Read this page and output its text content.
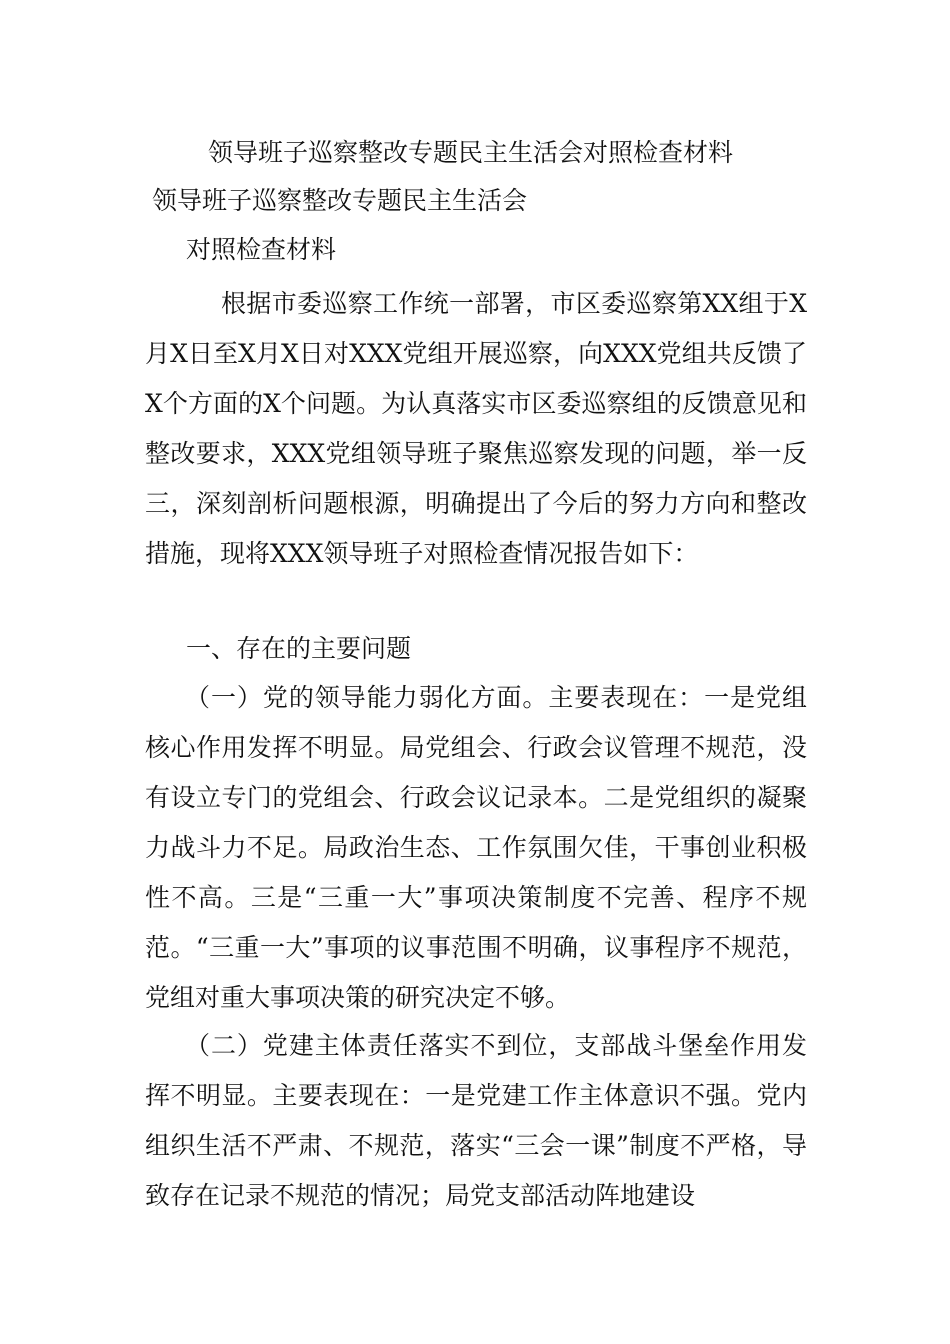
领导班子巡察整改专题民主生活会对照检查材料
领导班子巡察整改专题民主生活会
对照检查材料

根据市委巡察工作统一部署，市区委巡察第XX组于X月X日至X月X日对XXX党组开展巡察，向XXX党组共反馈了X个方面的X个问题。为认真落实市区委巡察组的反馈意见和整改要求，XXX党组领导班子聚焦巡察发现的问题，举一反三，深刻剖析问题根源，明确提出了今后的努力方向和整改措施，现将XXX领导班子对照检查情况报告如下：

一、存在的主要问题

（一）党的领导能力弱化方面。主要表现在：一是党组核心作用发挥不明显。局党组会、行政会议管理不规范，没有设立专门的党组会、行政会议记录本。二是党组织的凝聚力战斗力不足。局政治生态、工作氛围欠佳，干事创业积极性不高。三是“三重一大”事项决策制度不完善、程序不规范。“三重一大”事项的议事范围不明确，议事程序不规范，党组对重大事项决策的研究决定不够。

（二）党建主体责任落实不到位，支部战斗堡垒作用发挥不明显。主要表现在：一是党建工作主体意识不强。党内组织生活不严肃、不规范，落实“三会一课”制度不严格，导致存在记录不规范的情况；局党支部活动阵地建设
